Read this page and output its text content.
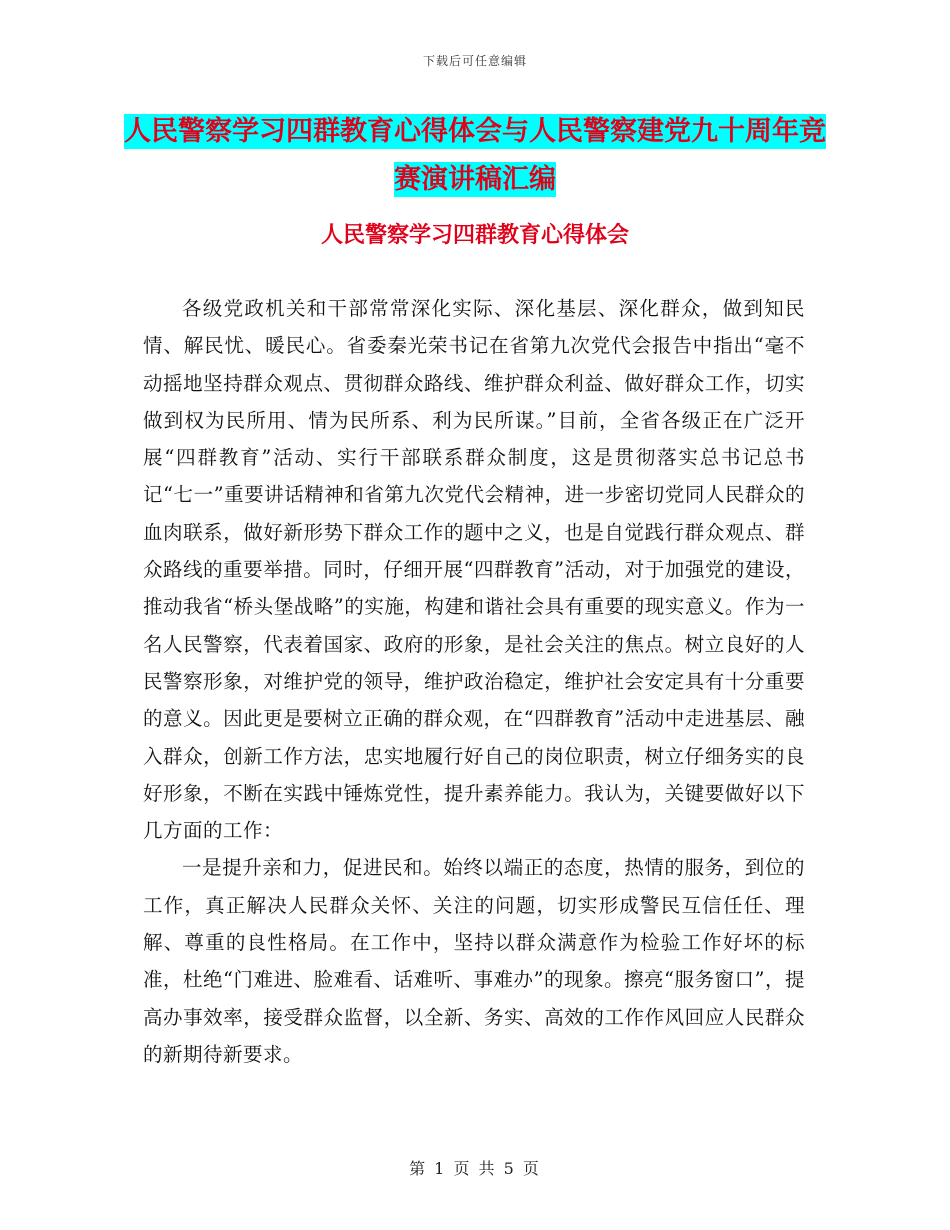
下载后可任意编辑
人民警察学习四群教育心得体会与人民警察建党九十周年竞赛演讲稿汇编
人民警察学习四群教育心得体会

各级党政机关和干部常常深化实际、深化基层、深化群众，做到知民情、解民忧、暖民心。省委秦光荣书记在省第九次党代会报告中指出“毫不动摇地坚持群众观点、贯彻群众路线、维护群众利益、做好群众工作，切实做到权为民所用、情为民所系、利为民所谋。”目前，全省各级正在广泛开展“四群教育”活动、实行干部联系群众制度，这是贯彻落实总书记总书记“七一”重要讲话精神和省第九次党代会精神，进一步密切党同人民群众的血肉联系，做好新形势下群众工作的题中之义，也是自觉践行群众观点、群众路线的重要举措。同时，仔细开展“四群教育”活动，对于加强党的建设，推动我省“桥头堡战略”的实施，构建和谐社会具有重要的现实意义。作为一名人民警察，代表着国家、政府的形象，是社会关注的焦点。树立良好的人民警察形象，对维护党的领导，维护政治稳定，维护社会安定具有十分重要的意义。因此更是要树立正确的群众观，在“四群教育”活动中走进基层、融入群众，创新工作方法，忠实地履行好自己的岗位职责，树立仔细务实的良好形象，不断在实践中锤炼党性，提升素养能力。我认为，关键要做好以下几方面的工作：

一是提升亲和力，促进民和。始终以端正的态度，热情的服务，到位的工作，真正解决人民群众关怀、关注的问题，切实形成警民互信任任、理解、尊重的良性格局。在工作中，坚持以群众满意作为检验工作好坏的标准，杜绝“门难进、脸难看、话难听、事难办”的现象。擦亮“服务窗口”，提高办事效率，接受群众监督，以全新、务实、高效的工作作风回应人民群众的新期待新要求。

第 1 页 共 5 页
